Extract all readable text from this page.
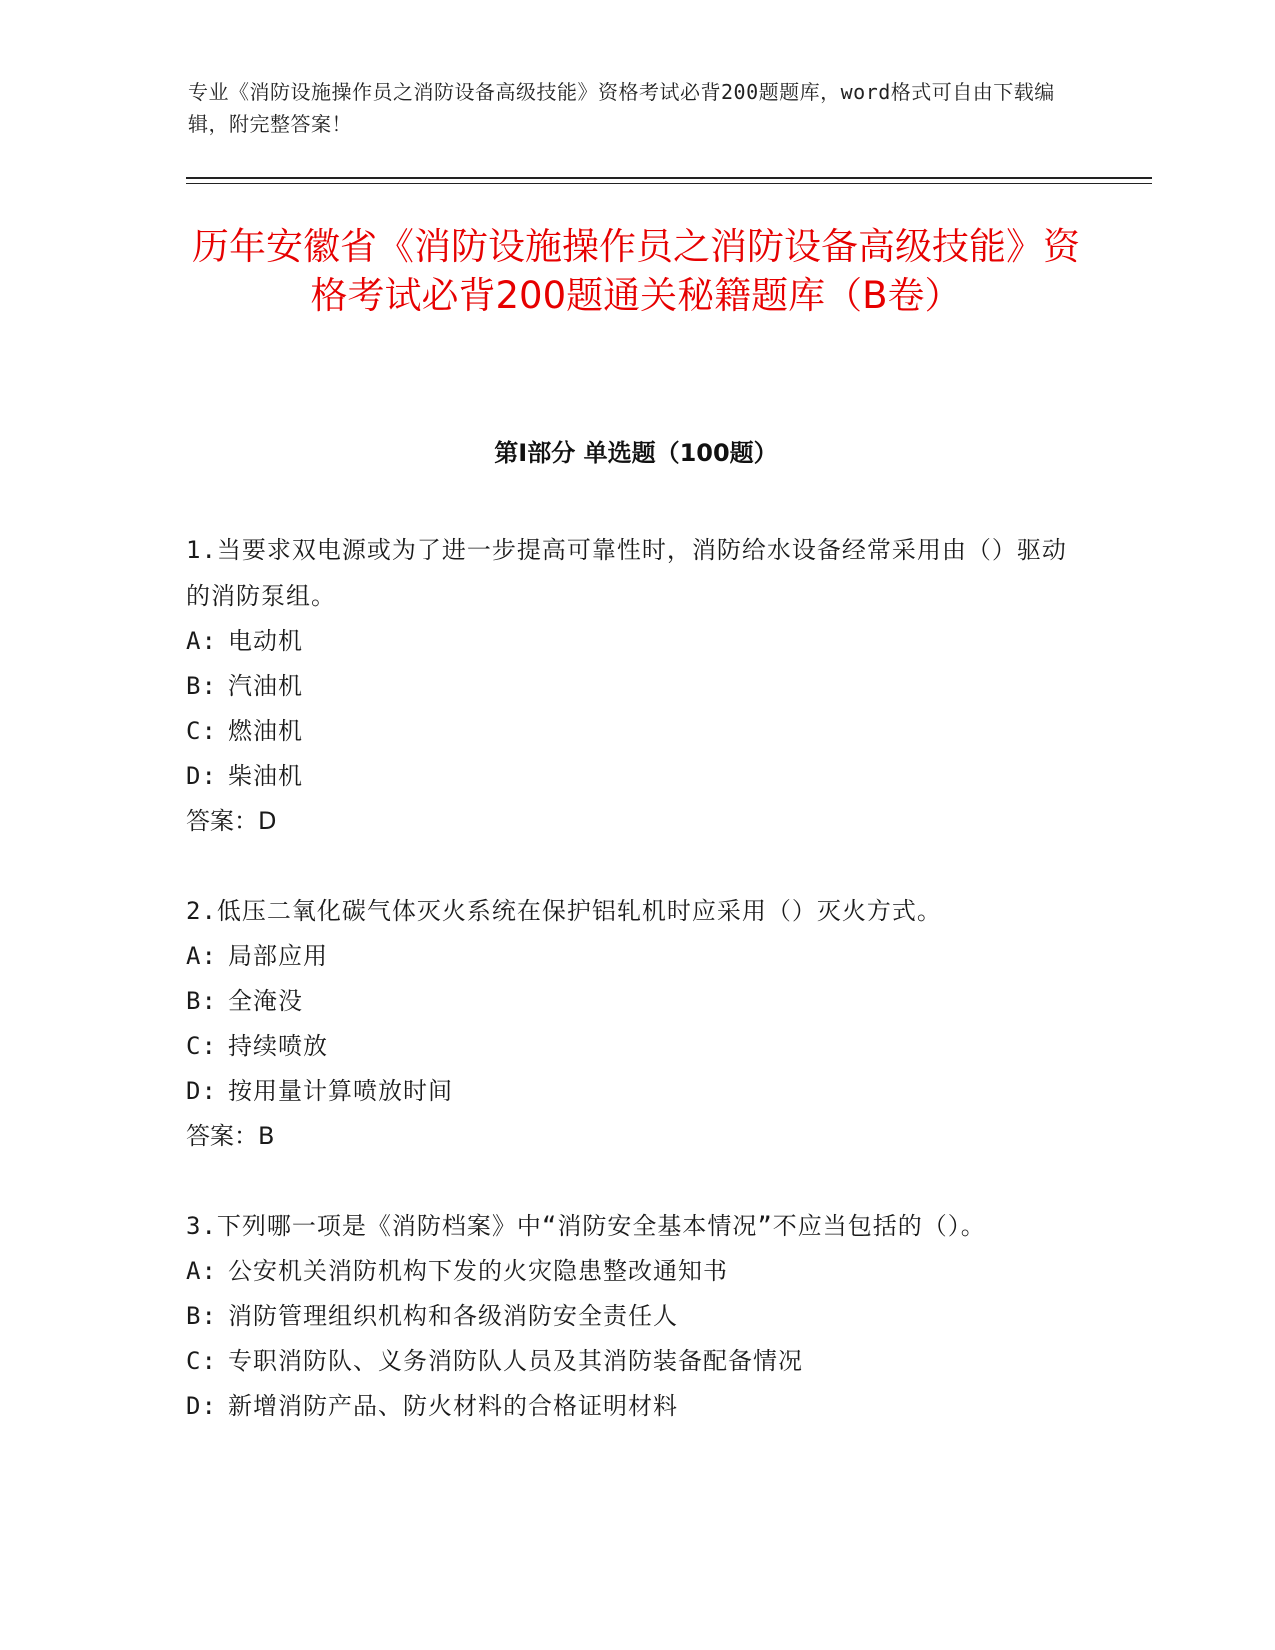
专业《消防设施操作员之消防设备高级技能》资格考试必背200题题库，word格式可自由下载编辑，附完整答案！
历年安徽省《消防设施操作员之消防设备高级技能》资格考试必背200题通关秘籍题库（B卷）
第Ⅰ部分 单选题（100题）
1.当要求双电源或为了进一步提高可靠性时，消防给水设备经常采用由（）驱动的消防泵组。
A: 电动机
B: 汽油机
C: 燃油机
D: 柴油机
答案：D
2.低压二氧化碳气体灭火系统在保护铝轧机时应采用（）灭火方式。
A: 局部应用
B: 全淹没
C: 持续喷放
D: 按用量计算喷放时间
答案：B
3.下列哪一项是《消防档案》中“消防安全基本情况”不应当包括的（）。
A: 公安机关消防机构下发的火灾隐患整改通知书
B: 消防管理组织机构和各级消防安全责任人
C: 专职消防队、义务消防队人员及其消防装备配备情况
D: 新增消防产品、防火材料的合格证明材料
